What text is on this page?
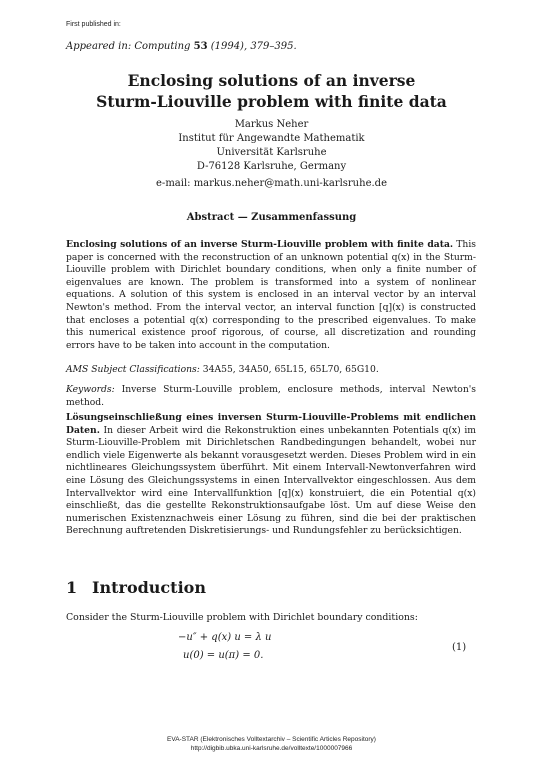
First published in:
Appeared in: Computing 53 (1994), 379–395.
Enclosing solutions of an inverse
Sturm-Liouville problem with finite data
Markus Neher
Institut für Angewandte Mathematik
Universität Karlsruhe
D-76128 Karlsruhe, Germany
e-mail: markus.neher@math.uni-karlsruhe.de
Abstract — Zusammenfassung
Enclosing solutions of an inverse Sturm-Liouville problem with finite data. This paper is concerned with the reconstruction of an unknown potential q(x) in the Sturm-Liouville problem with Dirichlet boundary conditions, when only a finite number of eigenvalues are known. The problem is transformed into a system of nonlinear equations. A solution of this system is enclosed in an interval vector by an interval Newton's method. From the interval vector, an interval function [q](x) is constructed that encloses a potential q(x) corresponding to the prescribed eigenvalues. To make this numerical existence proof rigorous, of course, all discretization and rounding errors have to be taken into account in the computation.
AMS Subject Classifications: 34A55, 34A50, 65L15, 65L70, 65G10.
Keywords: Inverse Sturm-Louville problem, enclosure methods, interval Newton's method.
Lösungseinschließung eines inversen Sturm-Liouville-Problems mit endlichen Daten. In dieser Arbeit wird die Rekonstruktion eines unbekannten Potentials q(x) im Sturm-Liouville-Problem mit Dirichletschen Randbedingungen behandelt, wobei nur endlich viele Eigenwerte als bekannt vorausgesetzt werden. Dieses Problem wird in ein nichtlineares Gleichungssystem überführt. Mit einem Intervall-Newtonverfahren wird eine Lösung des Gleichungssystems in einen Intervallvektor eingeschlossen. Aus dem Intervallvektor wird eine Intervallfunktion [q](x) konstruiert, die ein Potential q(x) einschließt, das die gestellte Rekonstruktionsaufgabe löst. Um auf diese Weise den numerischen Existenznachweis einer Lösung zu führen, sind die bei der praktischen Berechnung auftretenden Diskretisierungs- und Rundungsfehler zu berücksichtigen.
1 Introduction
Consider the Sturm-Liouville problem with Dirichlet boundary conditions:
−u″ + q(x) u = λ u
u(0) = u(π) = 0.
(1)
EVA-STAR (Elektronisches Volltextarchiv – Scientific Articles Repository)
http://digbib.ubka.uni-karlsruhe.de/volltexte/1000007966
